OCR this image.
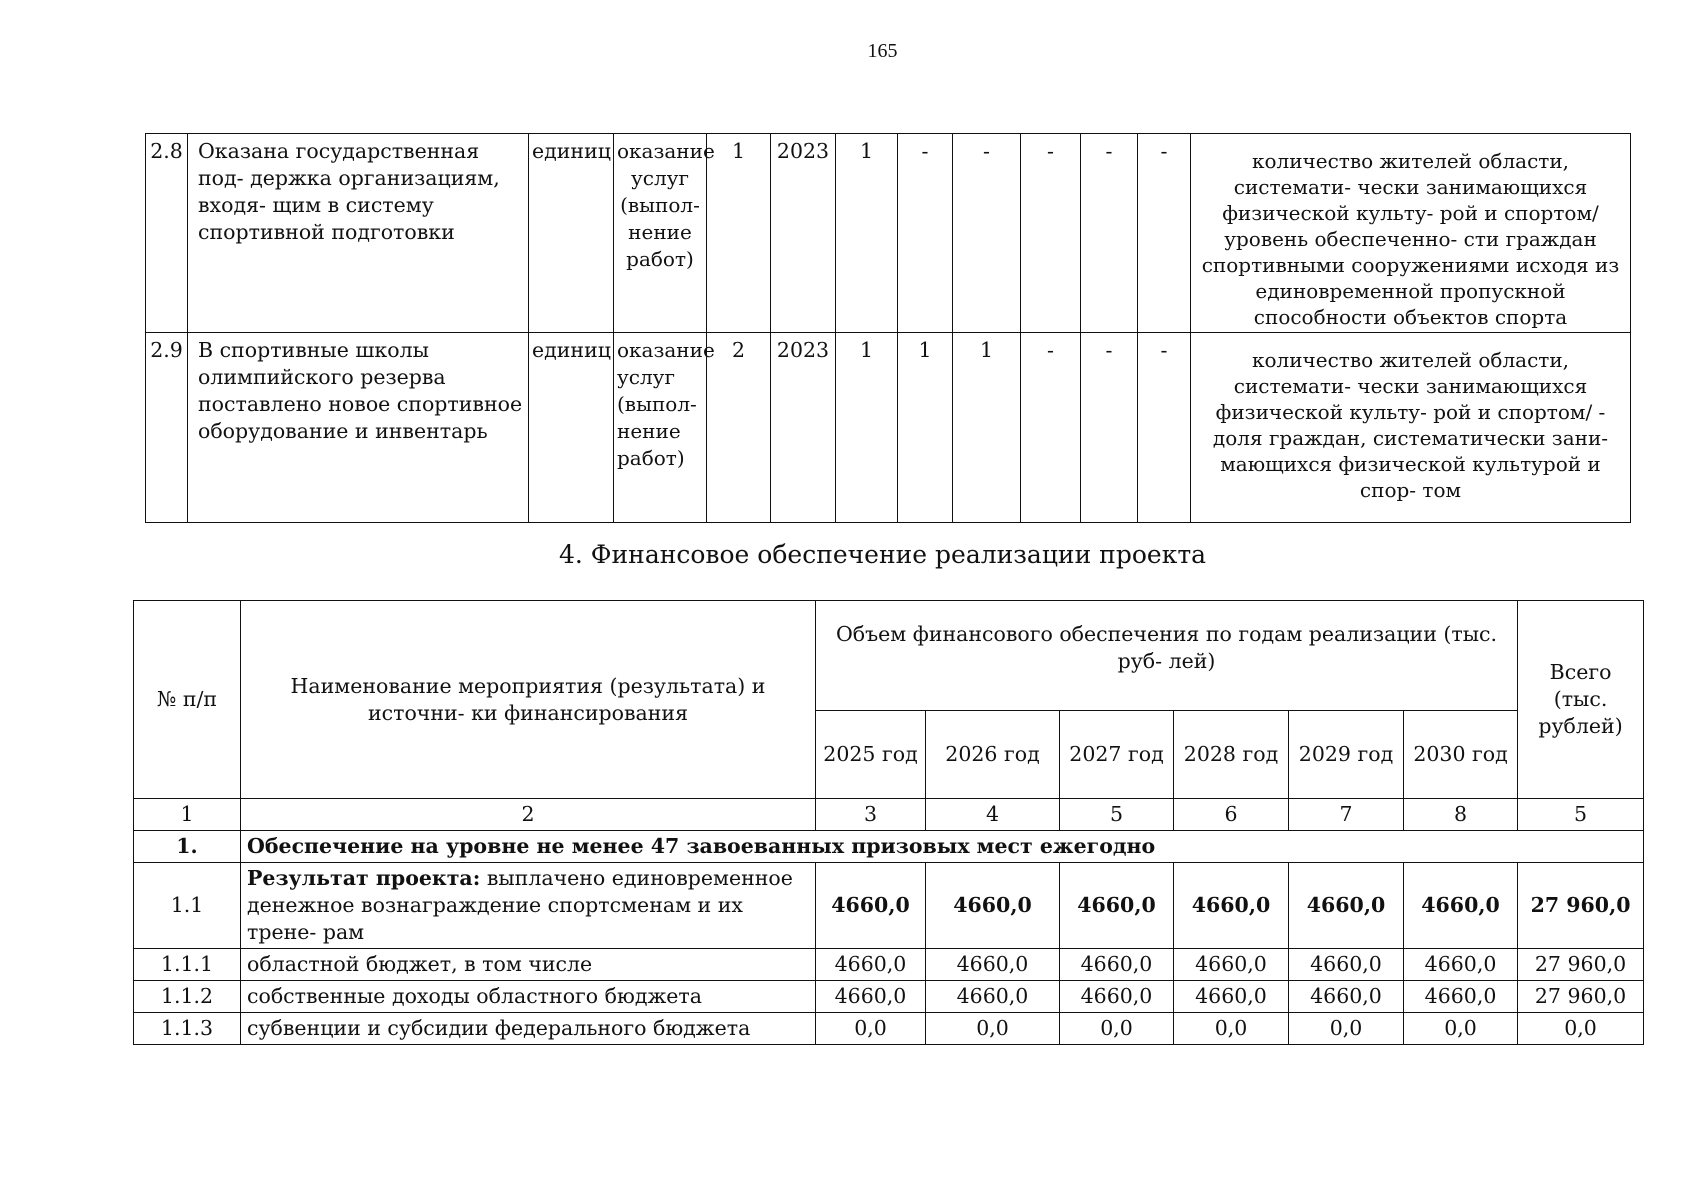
165
2.8	Оказана государственная под- держка организациям, входя- щим в систему спортивной подготовки	единиц	оказание услуг (выпол- нение работ)	1	2023	1	-	-	-	-	-	количество жителей области, системати- чески занимающихся физической культу- рой и спортом/ уровень обеспеченно- сти граждан спортивными сооружениями исходя из единовременной пропускной способности объектов спорта
2.9	В спортивные школы олимпийского резерва поставлено новое спортивное оборудование и инвентарь	единиц	оказание услуг (выпол- нение работ)	2	2023	1	1	1	-	-	-	количество жителей области, системати- чески занимающихся физической культу- рой и спортом/ - доля граждан, систематически зани- мающихся физической культурой и спор- том
4. Финансовое обеспечение реализации проекта
№ п/п	Наименование мероприятия (результата) и источни- ки финансирования	Объем финансового обеспечения по годам реализации (тыс. руб- лей)						Всего (тыс. рублей)
		2025 год	2026 год	2027 год	2028 год	2029 год	2030 год	
1	2	3	4	5	6	7	8	5
1.	Обеспечение на уровне не менее 47 завоеванных призовых мест ежегодно							
1.1	Результат проекта: выплачено единовременное денежное вознаграждение спортсменам и их трене- рам	4660,0	4660,0	4660,0	4660,0	4660,0	4660,0	27 960,0
1.1.1	областной бюджет, в том числе	4660,0	4660,0	4660,0	4660,0	4660,0	4660,0	27 960,0
1.1.2	собственные доходы областного бюджета	4660,0	4660,0	4660,0	4660,0	4660,0	4660,0	27 960,0
1.1.3	субвенции и субсидии федерального бюджета	0,0	0,0	0,0	0,0	0,0	0,0	0,0
